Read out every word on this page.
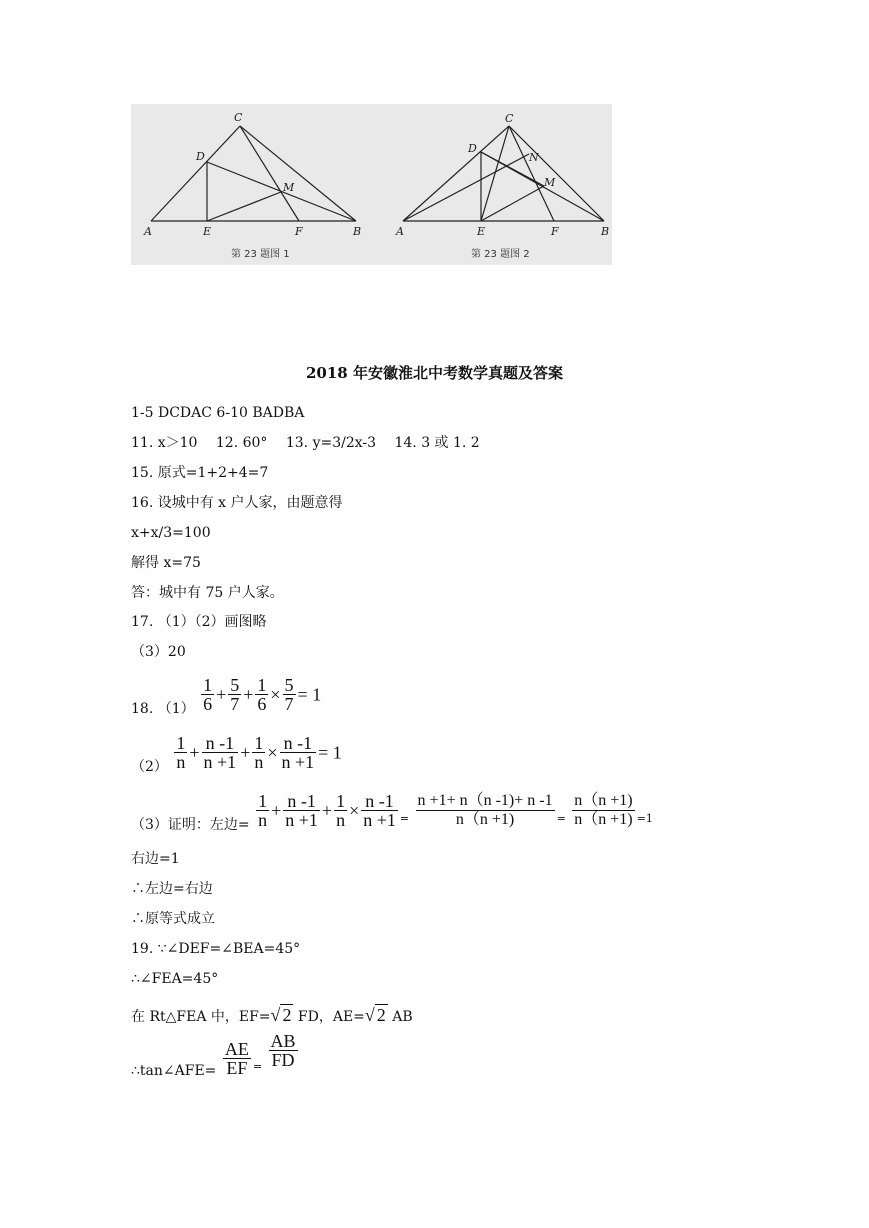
A	E	F	B
C
D
M
第 23 题图 1
A	E	F	B
C
D
N
M
第 23 题图 2
2018 年安徽淮北中考数学真题及答案
1-5 DCDAC 6-10 BADBA
11. x＞10　 12. 60°　 13. y=3/2x-3　 14. 3 或 1. 2
15. 原式=1+2+4=7
16. 设城中有 x 户人家，由题意得
x+x/3=100
解得 x=75
答：城中有 75 户人家。
17. （1）（2）画图略
（3）20
18. $(1) \frac{1}{6} + \frac{5}{7} + \frac{1}{6} \times \frac{5}{7} = 1$
$(2) \frac{1}{n} + \frac{n -1}{n +1} + \frac{1}{n} \times \frac{n -1}{n +1} = 1$
（3）证明：左边= $\frac{1}{n} + \frac{n -1}{n +1} + \frac{1}{n} \times \frac{n -1}{n +1} = \frac{n +1+ n(n -1)+ n -1}{n(n +1)} = \frac{n(n +1)}{n(n +1)} =1$
右边=1
∴左边=右边
∴原等式成立
19. ∵∠DEF=∠BEA=45°
∴∠FEA=45°
在 Rt△FEA 中，EF=√ 2 FD，AE=√ 2 AB
∴tan∠AFE= $\frac{AE}{EF} = \frac{AB}{FD}$
